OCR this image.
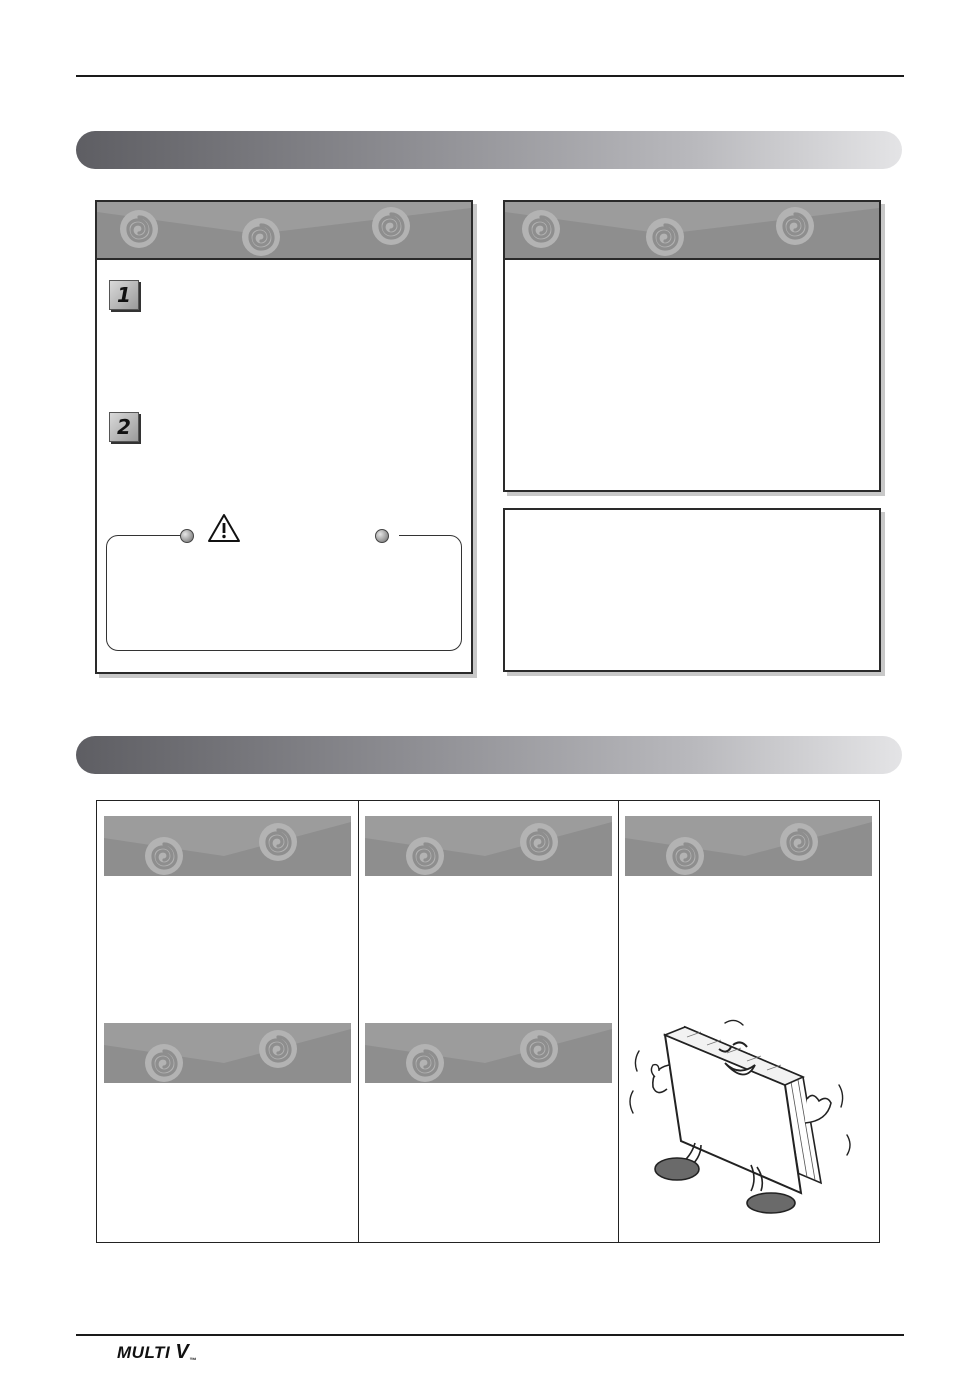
1
2
MULTI $V_™$
